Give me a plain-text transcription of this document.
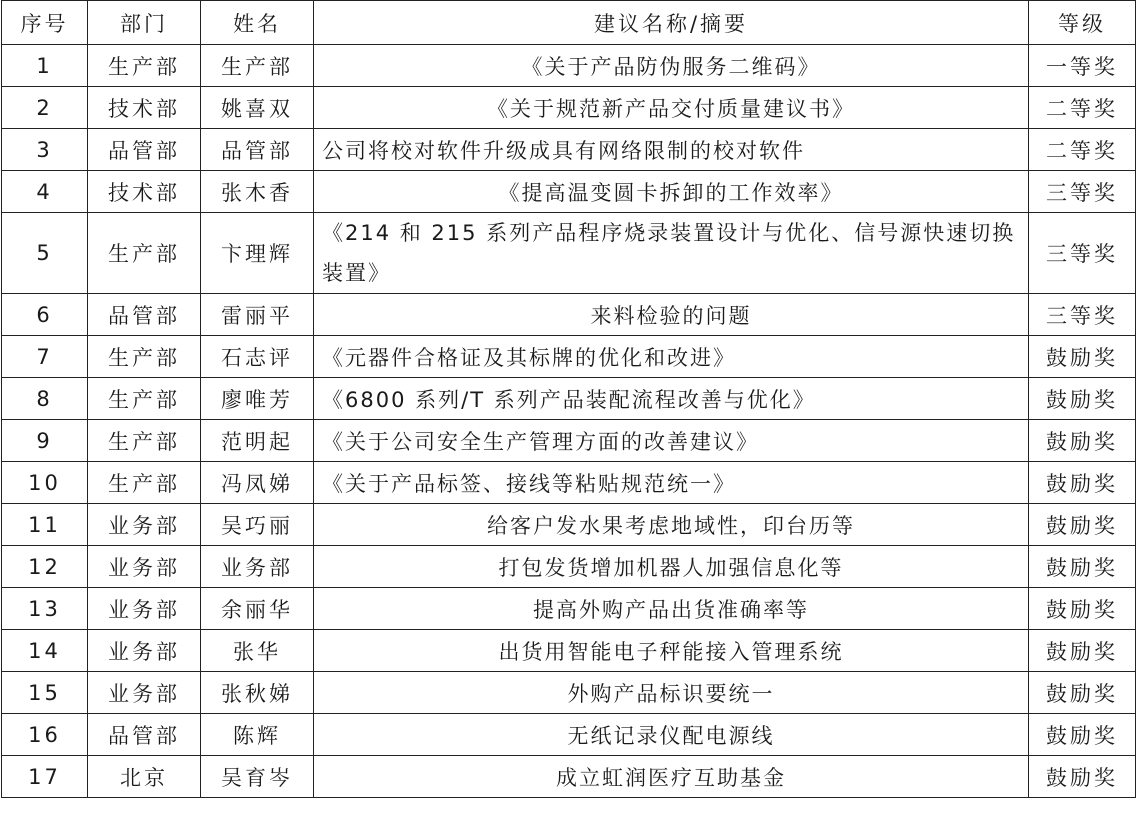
序号	部门	姓名	建议名称/摘要	等级
1	生产部	生产部	《关于产品防伪服务二维码》	一等奖
2	技术部	姚喜双	《关于规范新产品交付质量建议书》	二等奖
3	品管部	品管部	公司将校对软件升级成具有网络限制的校对软件	二等奖
4	技术部	张木香	《提高温变圆卡拆卸的工作效率》	三等奖
5	生产部	卞理辉	《214 和 215 系列产品程序烧录装置设计与优化、信号源快速切换装置》	三等奖
6	品管部	雷丽平	来料检验的问题	三等奖
7	生产部	石志评	《元器件合格证及其标牌的优化和改进》	鼓励奖
8	生产部	廖唯芳	《6800 系列/T 系列产品装配流程改善与优化》	鼓励奖
9	生产部	范明起	《关于公司安全生产管理方面的改善建议》	鼓励奖
10	生产部	冯凤娣	《关于产品标签、接线等粘贴规范统一》	鼓励奖
11	业务部	吴巧丽	给客户发水果考虑地域性，印台历等	鼓励奖
12	业务部	业务部	打包发货增加机器人加强信息化等	鼓励奖
13	业务部	余丽华	提高外购产品出货准确率等	鼓励奖
14	业务部	张华	出货用智能电子秤能接入管理系统	鼓励奖
15	业务部	张秋娣	外购产品标识要统一	鼓励奖
16	品管部	陈辉	无纸记录仪配电源线	鼓励奖
17	北京	吴育岑	成立虹润医疗互助基金	鼓励奖
